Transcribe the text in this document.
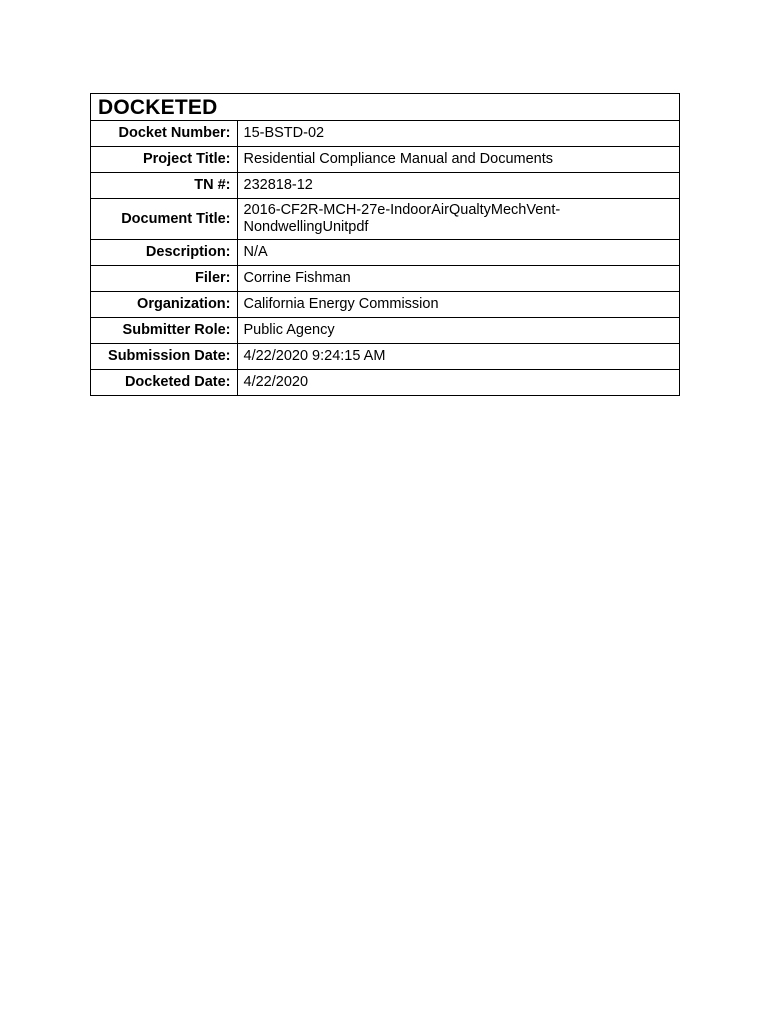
DOCKETED
Docket Number:	15-BSTD-02
Project Title:	Residential Compliance Manual and Documents
TN #:	232818-12
Document Title:	2016-CF2R-MCH-27e-IndoorAirQualtyMechVent-NondwellingUnitpdf
Description:	N/A
Filer:	Corrine Fishman
Organization:	California Energy Commission
Submitter Role:	Public Agency
Submission Date:	4/22/2020 9:24:15 AM
Docketed Date:	4/22/2020
